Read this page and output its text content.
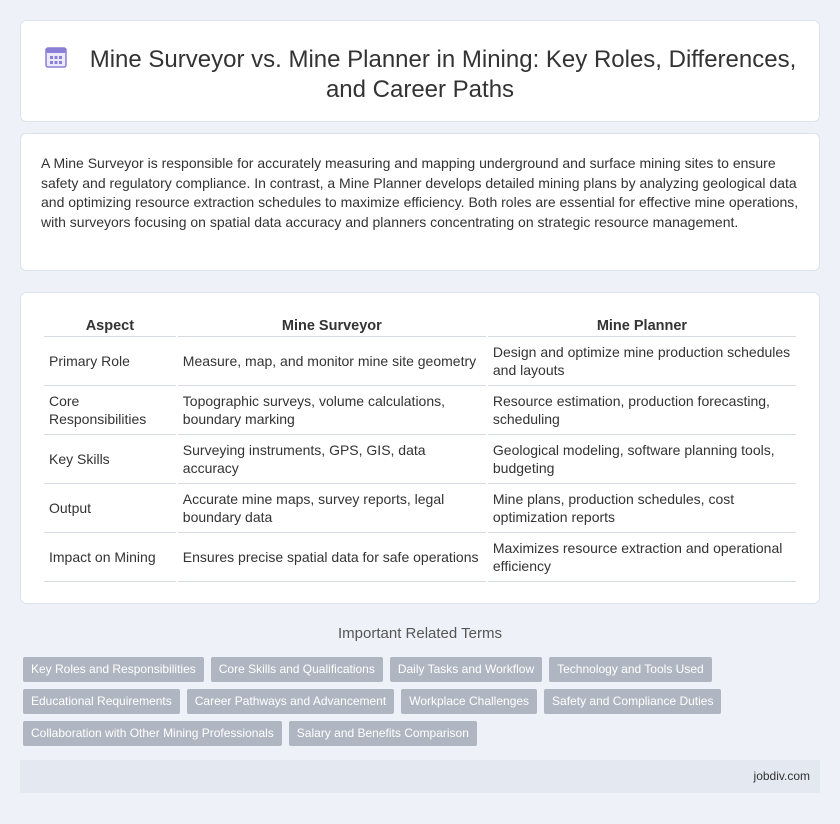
Mine Surveyor vs. Mine Planner in Mining: Key Roles, Differences, and Career Paths

A Mine Surveyor is responsible for accurately measuring and mapping underground and surface mining sites to ensure safety and regulatory compliance. In contrast, a Mine Planner develops detailed mining plans by analyzing geological data and optimizing resource extraction schedules to maximize efficiency. Both roles are essential for effective mine operations, with surveyors focusing on spatial data accuracy and planners concentrating on strategic resource management.

Aspect	Mine Surveyor	Mine Planner
Primary Role	Measure, map, and monitor mine site geometry	Design and optimize mine production schedules and layouts
Core Responsibilities	Topographic surveys, volume calculations, boundary marking	Resource estimation, production forecasting, scheduling
Key Skills	Surveying instruments, GPS, GIS, data accuracy	Geological modeling, software planning tools, budgeting
Output	Accurate mine maps, survey reports, legal boundary data	Mine plans, production schedules, cost optimization reports
Impact on Mining	Ensures precise spatial data for safe operations	Maximizes resource extraction and operational efficiency
Important Related Terms
Key Roles and Responsibilities	Core Skills and Qualifications	Daily Tasks and Workflow	Technology and Tools Used
Educational Requirements	Career Pathways and Advancement	Workplace Challenges	Safety and Compliance Duties
Collaboration with Other Mining Professionals	Salary and Benefits Comparison
jobdiv.com
